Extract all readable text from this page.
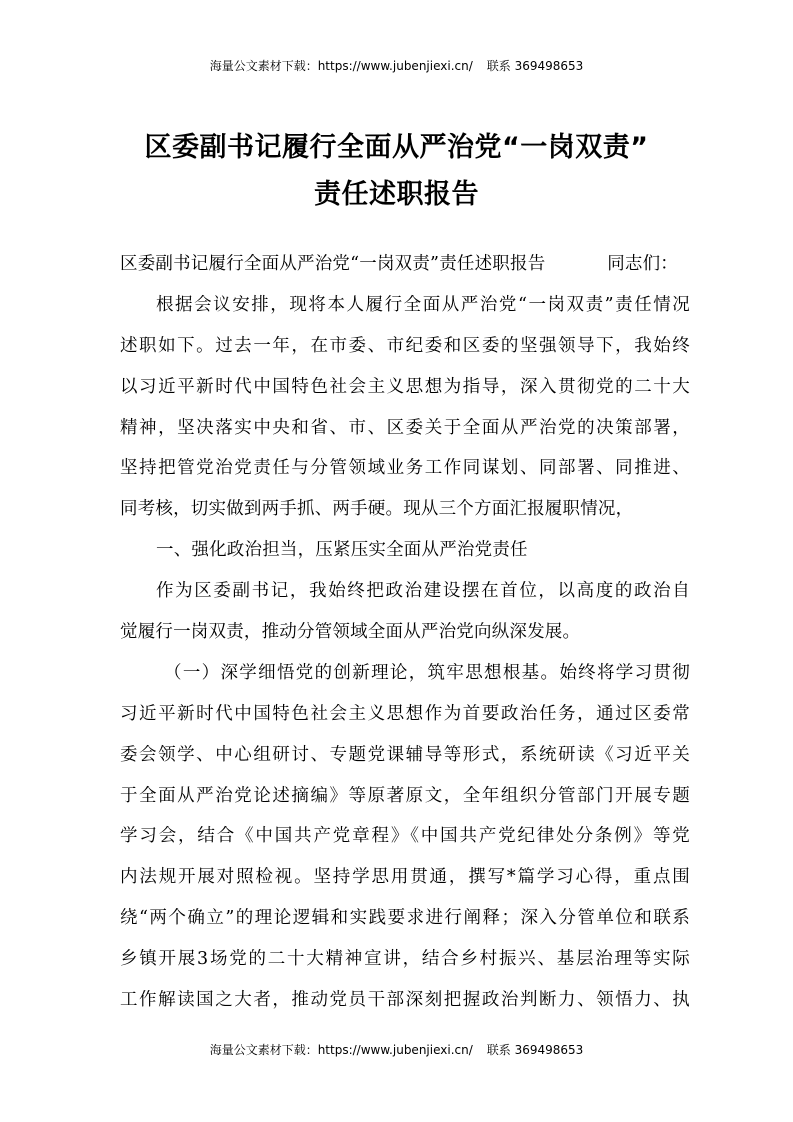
海量公文素材下载：https://www.jubenjiexi.cn/ 联系 369498653
区委副书记履行全面从严治党“一岗双责”
责任述职报告
区委副书记履行全面从严治党“一岗双责”责任述职报告	同志们：
根据会议安排，现将本人履行全面从严治党“一岗双责”责任情况
述职如下。过去一年，在市委、市纪委和区委的坚强领导下，我始终
以习近平新时代中国特色社会主义思想为指导，深入贯彻党的二十大
精神，坚决落实中央和省、市、区委关于全面从严治党的决策部署，
坚持把管党治党责任与分管领域业务工作同谋划、同部署、同推进、
同考核，切实做到两手抓、两手硬。现从三个方面汇报履职情况，
一、强化政治担当，压紧压实全面从严治党责任
作为区委副书记，我始终把政治建设摆在首位，以高度的政治自
觉履行一岗双责，推动分管领域全面从严治党向纵深发展。
（一）深学细悟党的创新理论，筑牢思想根基。始终将学习贯彻
习近平新时代中国特色社会主义思想作为首要政治任务，通过区委常
委会领学、中心组研讨、专题党课辅导等形式，系统研读《习近平关
于全面从严治党论述摘编》等原著原文，全年组织分管部门开展专题
学习会，结合《中国共产党章程》《中国共产党纪律处分条例》等党
内法规开展对照检视。坚持学思用贯通，撰写*篇学习心得，重点围
绕“两个确立”的理论逻辑和实践要求进行阐释；深入分管单位和联系
乡镇开展3场党的二十大精神宣讲，结合乡村振兴、基层治理等实际
工作解读国之大者，推动党员干部深刻把握政治判断力、领悟力、执
海量公文素材下载：https://www.jubenjiexi.cn/ 联系 369498653
